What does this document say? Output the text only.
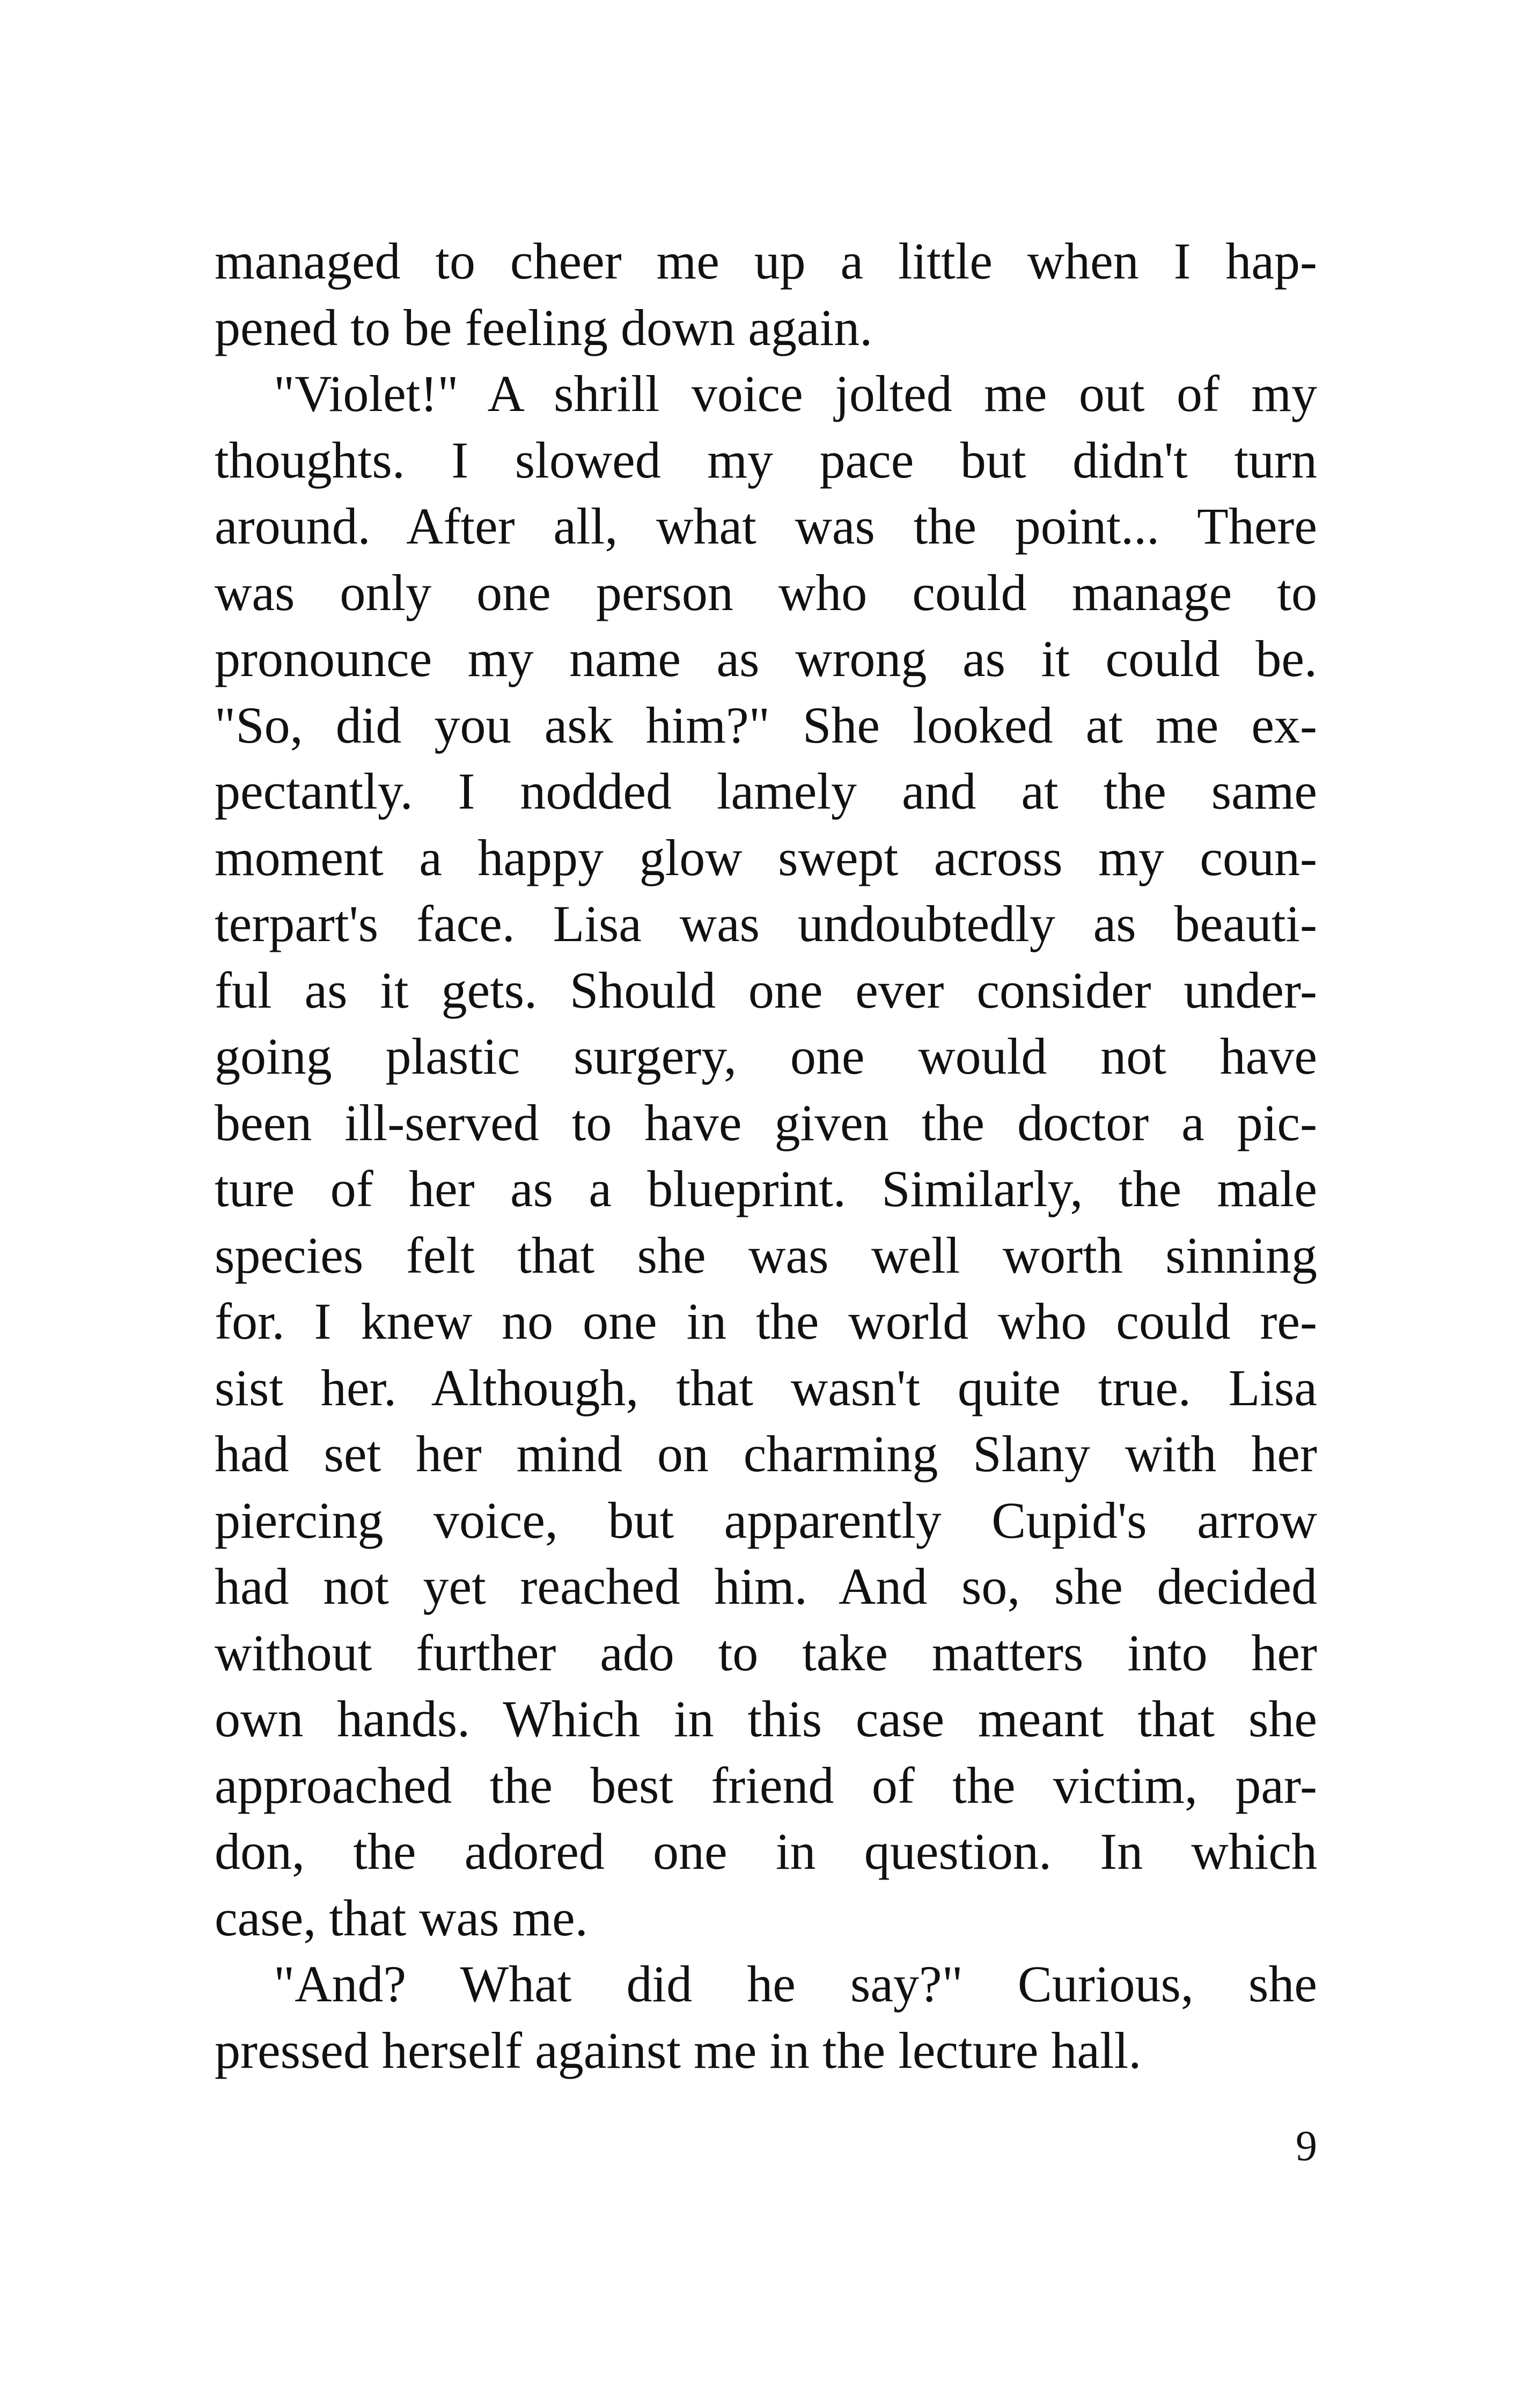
managed to cheer me up a little when I hap-
pened to be feeling down again.
"Violet!" A shrill voice jolted me out of my
thoughts. I slowed my pace but didn't turn
around. After all, what was the point... There
was only one person who could manage to
pronounce my name as wrong as it could be.
"So, did you ask him?" She looked at me ex-
pectantly. I nodded lamely and at the same
moment a happy glow swept across my coun-
terpart's face. Lisa was undoubtedly as beauti-
ful as it gets. Should one ever consider under-
going plastic surgery, one would not have
been ill-served to have given the doctor a pic-
ture of her as a blueprint. Similarly, the male
species felt that she was well worth sinning
for. I knew no one in the world who could re-
sist her. Although, that wasn't quite true. Lisa
had set her mind on charming Slany with her
piercing voice, but apparently Cupid's arrow
had not yet reached him. And so, she decided
without further ado to take matters into her
own hands. Which in this case meant that she
approached the best friend of the victim, par-
don, the adored one in question. In which
case, that was me.
"And? What did he say?" Curious, she
pressed herself against me in the lecture hall.
9
